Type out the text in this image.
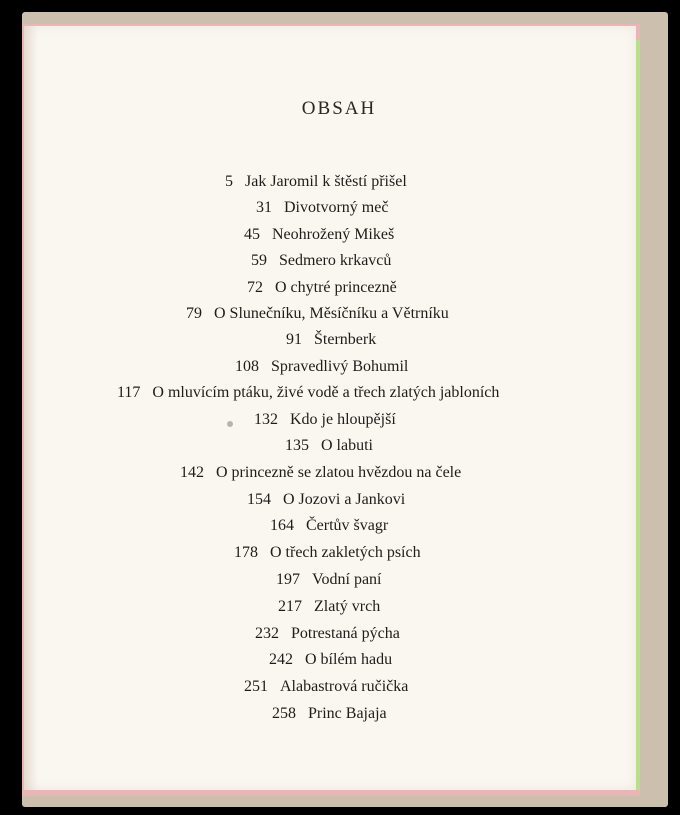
OBSAH
5 Jak Jaromil k štěstí přišel
31 Divotvorný meč
45 Neohrožený Mikeš
59 Sedmero krkavců
72 O chytré princezně
79 O Slunečníku, Měsíčníku a Větrníku
91 Šternberk
108 Spravedlivý Bohumil
117 O mluvícím ptáku, živé vodě a třech zlatých jabloních
132 Kdo je hloupější
135 O labuti
142 O princezně se zlatou hvězdou na čele
154 O Jozovi a Jankovi
164 Čertův švagr
178 O třech zakletých psích
197 Vodní paní
217 Zlatý vrch
232 Potrestaná pýcha
242 O bílém hadu
251 Alabastrová ručička
258 Princ Bajaja
